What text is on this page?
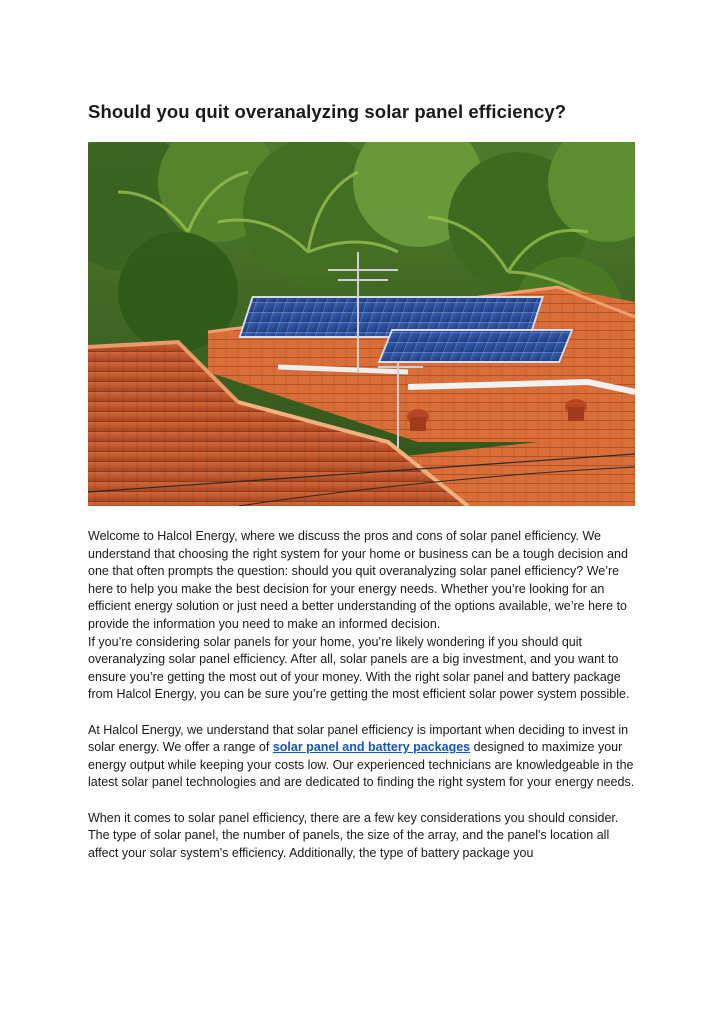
Should you quit overanalyzing solar panel efficiency?

Welcome to Halcol Energy, where we discuss the pros and cons of solar panel efficiency. We understand that choosing the right system for your home or business can be a tough decision and one that often prompts the question: should you quit overanalyzing solar panel efficiency? We’re here to help you make the best decision for your energy needs. Whether you’re looking for an efficient energy solution or just need a better understanding of the options available, we’re here to provide the information you need to make an informed decision.

If you’re considering solar panels for your home, you’re likely wondering if you should quit overanalyzing solar panel efficiency. After all, solar panels are a big investment, and you want to ensure you’re getting the most out of your money. With the right solar panel and battery package from Halcol Energy, you can be sure you’re getting the most efficient solar power system possible.

At Halcol Energy, we understand that solar panel efficiency is important when deciding to invest in solar energy. We offer a range of solar panel and battery packages designed to maximize your energy output while keeping your costs low. Our experienced technicians are knowledgeable in the latest solar panel technologies and are dedicated to finding the right system for your energy needs.

When it comes to solar panel efficiency, there are a few key considerations you should consider. The type of solar panel, the number of panels, the size of the array, and the panel's location all affect your solar system's efficiency. Additionally, the type of battery package you
